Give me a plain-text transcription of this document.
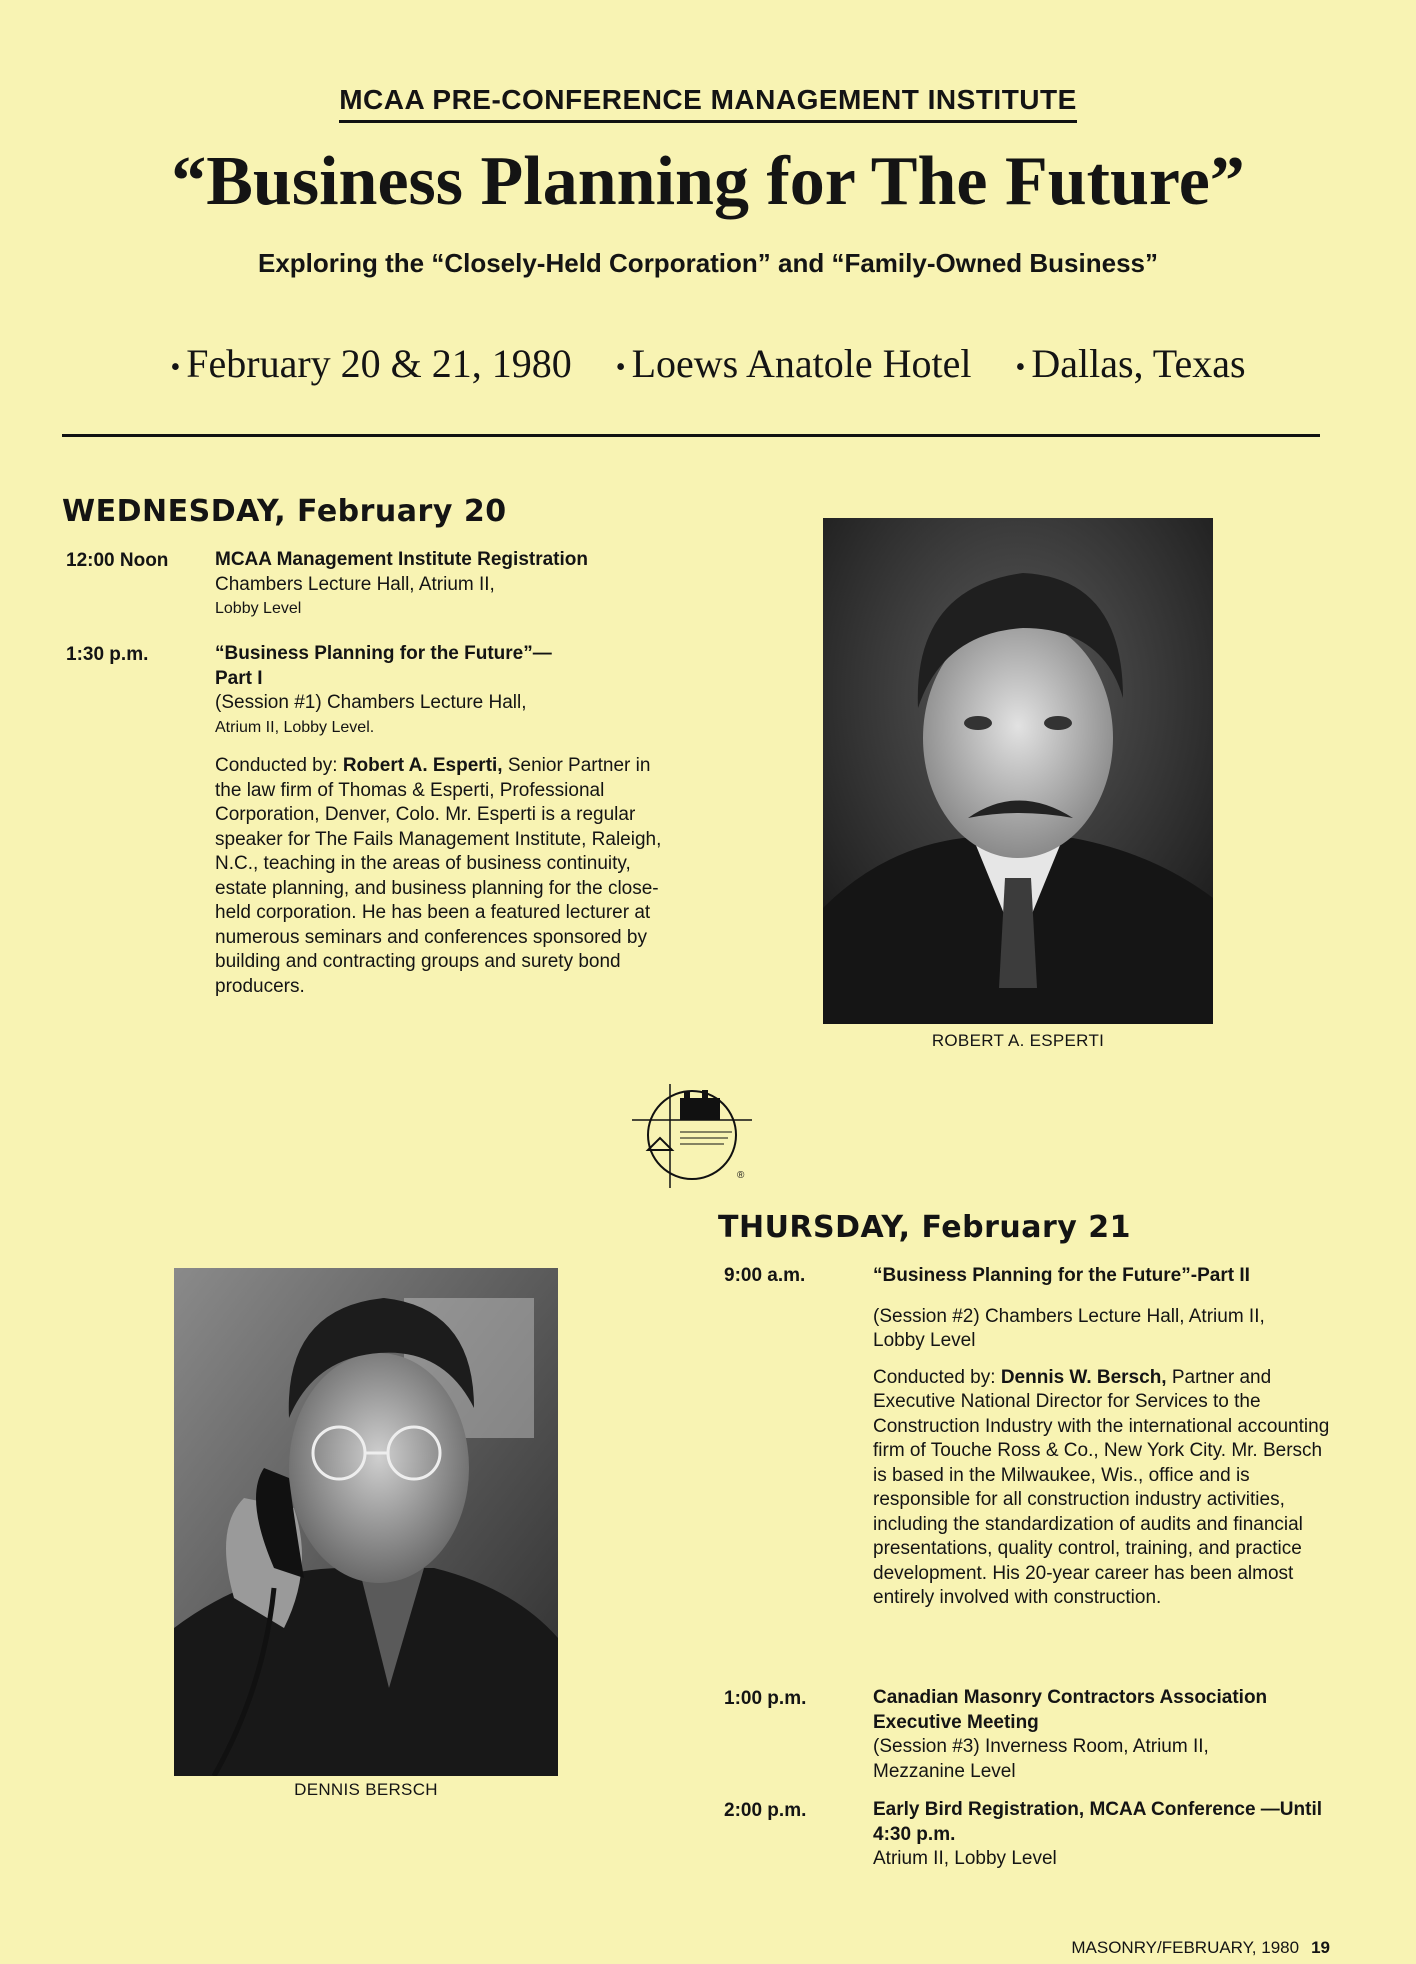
MCAA PRE-CONFERENCE MANAGEMENT INSTITUTE
“Business Planning for The Future”
Exploring the “Closely-Held Corporation” and “Family-Owned Business”
• February 20 & 21, 1980 • Loews Anatole Hotel • Dallas, Texas
WEDNESDAY, February 20
12:00 Noon MCAA Management Institute Registration
Chambers Lecture Hall, Atrium II,
Lobby Level
1:30 p.m.	“Business Planning for the Future”—
Part I
(Session #1) Chambers Lecture Hall,
Atrium II, Lobby Level.
Conducted by: Robert A. Esperti, Senior Partner in the law firm of Thomas & Esperti, Professional Corporation, Denver, Colo. Mr. Esperti is a regular speaker for The Fails Management Institute, Raleigh, N.C., teaching in the areas of business continuity, estate planning, and business planning for the close-held corporation. He has been a featured lecturer at numerous seminars and conferences sponsored by building and contracting groups and surety bond producers.
ROBERT A. ESPERTI
®
THURSDAY, February 21
9:00 a.m.	“Business Planning for the Future”-Part II
(Session #2) Chambers Lecture Hall, Atrium II, Lobby Level
Conducted by: Dennis W. Bersch, Partner and Executive National Director for Services to the Construction Industry with the international accounting firm of Touche Ross & Co., New York City. Mr. Bersch is based in the Milwaukee, Wis., office and is responsible for all construction industry activities, including the standardization of audits and financial presentations, quality control, training, and practice development. His 20-year career has been almost entirely involved with construction.
1:00 p.m.	Canadian Masonry Contractors Association Executive Meeting
(Session #3) Inverness Room, Atrium II, Mezzanine Level
2:00 p.m.	Early Bird Registration, MCAA Conference —Until 4:30 p.m.
Atrium II, Lobby Level
DENNIS BERSCH
MASONRY/FEBRUARY, 1980 19
